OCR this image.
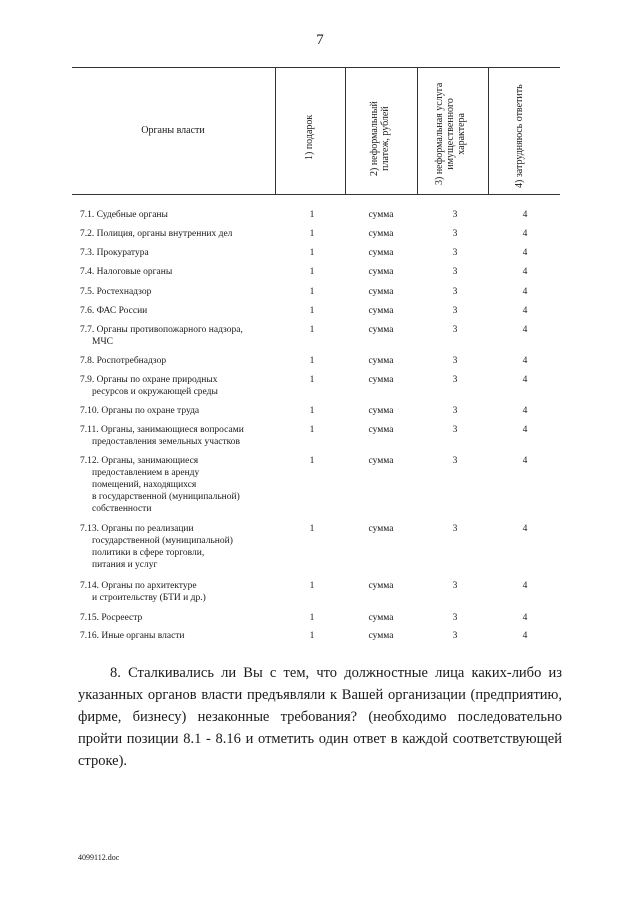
7
Органы власти	1) подарок	2) неформальный платеж, рублей	3) неформальная услуга имущественного характера	4) затрудняюсь ответить
7.1. Судебные органы	1	сумма	3	4
7.2. Полиция, органы внутренних дел	1	сумма	3	4
7.3. Прокуратура	1	сумма	3	4
7.4. Налоговые органы	1	сумма	3	4
7.5. Ростехнадзор	1	сумма	3	4
7.6. ФАС России	1	сумма	3	4
7.7. Органы противопожарного надзора,
МЧС
1	сумма	3	4
7.8. Роспотребнадзор	1	сумма	3	4
7.9. Органы по охране природных
ресурсов и окружающей среды
1	сумма	3	4
7.10. Органы по охране труда	1	сумма	3	4
7.11. Органы, занимающиеся вопросами
предоставления земельных участков
1	сумма	3	4
7.12. Органы, занимающиеся
предоставлением в аренду
помещений, находящихся
в государственной (муниципальной)
собственности
1	сумма	3	4
7.13. Органы по реализации
государственной (муниципальной)
политики в сфере торговли,
питания и услуг
1	сумма	3	4
7.14. Органы по архитектуре
и строительству (БТИ и др.)
1	сумма	3	4
7.15. Росреестр	1	сумма	3	4
7.16. Иные органы власти	1	сумма	3	4
8. Сталкивались ли Вы с тем, что должностные лица каких-либо из указанных органов власти предъявляли к Вашей организации (предприятию, фирме, бизнесу) незаконные требования? (необходимо последовательно пройти позиции 8.1 - 8.16 и отметить один ответ в каждой соответствующей строке).
4099112.doc
